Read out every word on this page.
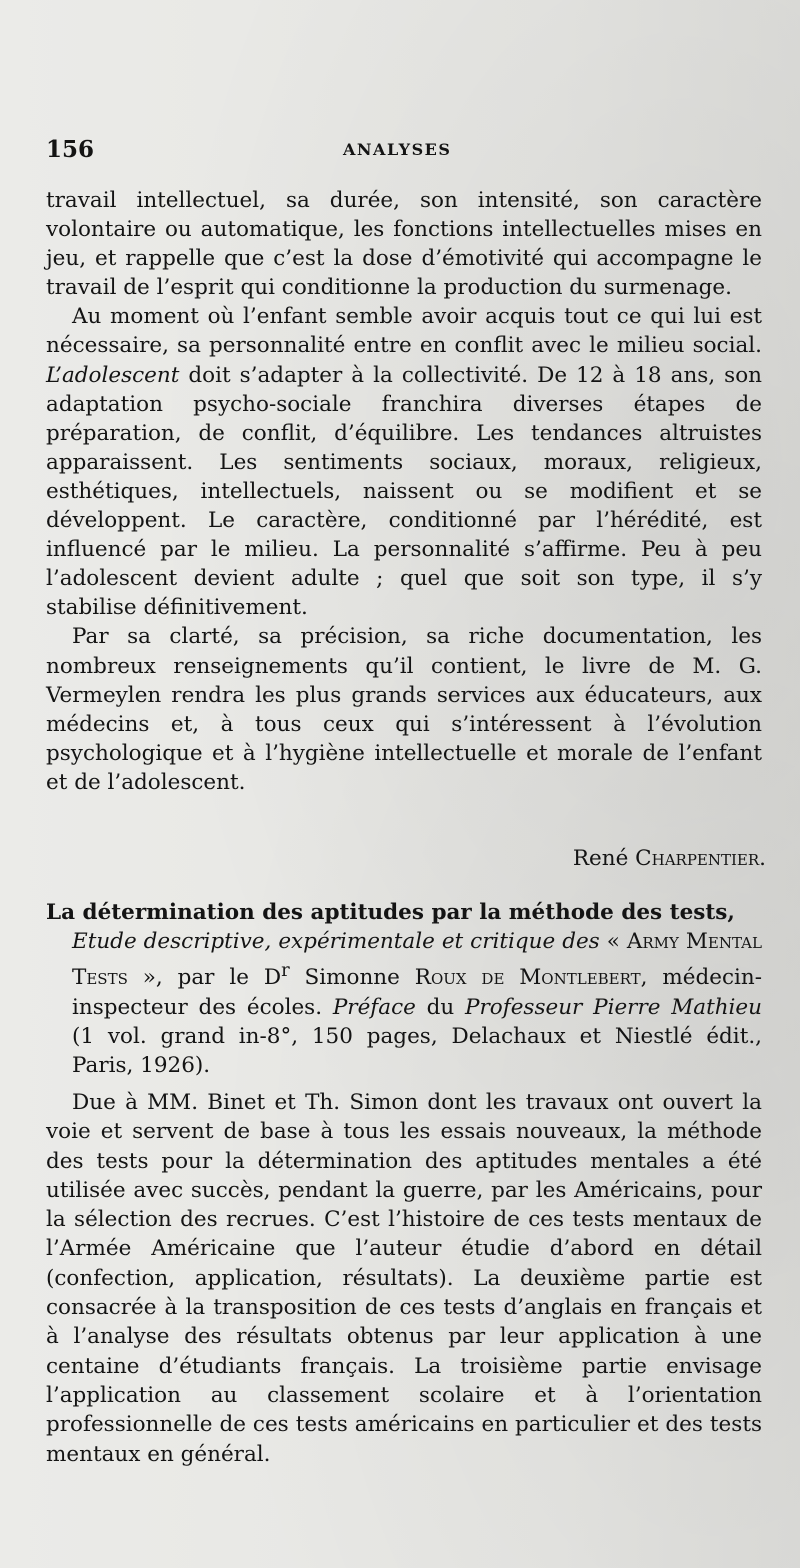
156	ANALYSES

travail intellectuel, sa durée, son intensité, son caractère volontaire ou automatique, les fonctions intellectuelles mises en jeu, et rappelle que c’est la dose d’émotivité qui accompagne le travail de l’esprit qui conditionne la production du surmenage.

Au moment où l’enfant semble avoir acquis tout ce qui lui est nécessaire, sa personnalité entre en conflit avec le milieu social. L’adolescent doit s’adapter à la collectivité. De 12 à 18 ans, son adaptation psycho-sociale franchira diverses étapes de préparation, de conflit, d’équilibre. Les tendances altruistes apparaissent. Les sentiments sociaux, moraux, religieux, esthétiques, intellectuels, naissent ou se modifient et se développent. Le caractère, conditionné par l’hérédité, est influencé par le milieu. La personnalité s’affirme. Peu à peu l’adolescent devient adulte ; quel que soit son type, il s’y stabilise définitivement.

Par sa clarté, sa précision, sa riche documentation, les nombreux renseignements qu’il contient, le livre de M. G. Vermeylen rendra les plus grands services aux éducateurs, aux médecins et, à tous ceux qui s’intéressent à l’évolution psychologique et à l’hygiène intellectuelle et morale de l’enfant et de l’adolescent.

René Charpentier.
La détermination des aptitudes par la méthode des tests,
Etude descriptive, expérimentale et critique des « Army Mental Tests », par le $D^r$ Simonne Roux de Montlebert, médecin-inspecteur des écoles. Préface du Professeur Pierre Mathieu (1 vol. grand in-8°, 150 pages, Delachaux et Niestlé édit., Paris, 1926).

Due à MM. Binet et Th. Simon dont les travaux ont ouvert la voie et servent de base à tous les essais nouveaux, la méthode des tests pour la détermination des aptitudes mentales a été utilisée avec succès, pendant la guerre, par les Américains, pour la sélection des recrues. C’est l’histoire de ces tests mentaux de l’Armée Américaine que l’auteur étudie d’abord en détail (confection, application, résultats). La deuxième partie est consacrée à la transposition de ces tests d’anglais en français et à l’analyse des résultats obtenus par leur application à une centaine d’étudiants français. La troisième partie envisage l’application au classement scolaire et à l’orientation professionnelle de ces tests américains en particulier et des tests mentaux en général.
